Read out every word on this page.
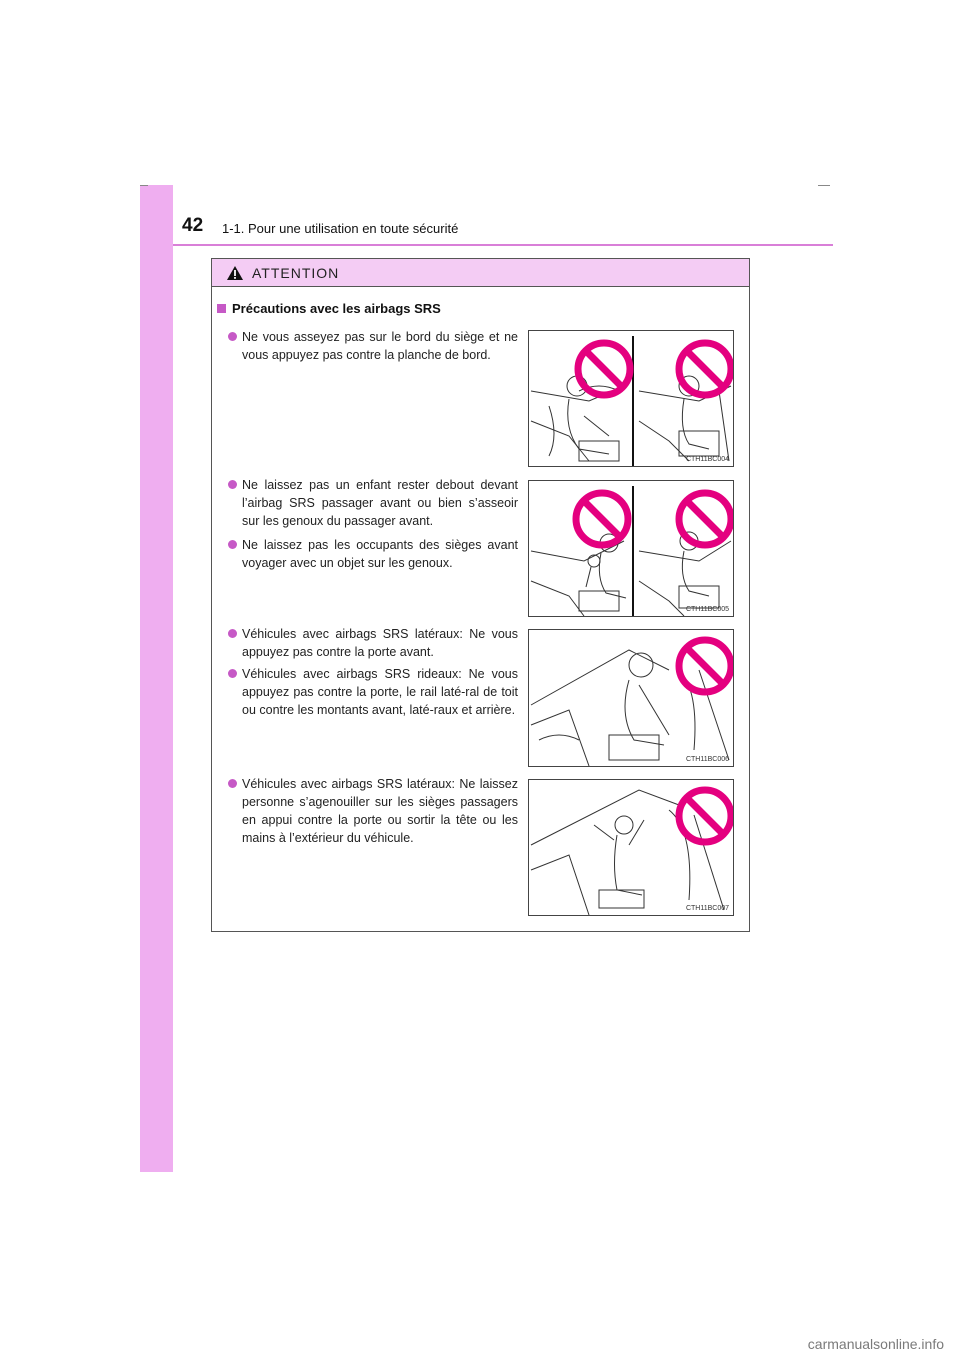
42 1-1. Pour une utilisation en toute sécurité
ATTENTION
Précautions avec les airbags SRS
Ne vous asseyez pas sur le bord du siège et ne vous appuyez pas contre la planche de bord.
Ne laissez pas un enfant rester debout devant l’airbag SRS passager avant ou bien s’asseoir sur les genoux du passager avant.
Ne laissez pas les occupants des sièges avant voyager avec un objet sur les genoux.
Véhicules avec airbags SRS latéraux: Ne vous appuyez pas contre la porte avant.
Véhicules avec airbags SRS rideaux: Ne vous appuyez pas contre la porte, le rail laté-ral de toit ou contre les montants avant, laté-raux et arrière.
Véhicules avec airbags SRS latéraux: Ne laissez personne s’agenouiller sur les sièges passagers en appui contre la porte ou sortir la tête ou les mains à l’extérieur du véhicule.
CTH11BC004
CTH11BC005
CTH11BC006
CTH11BC007
carmanualsonline.info
